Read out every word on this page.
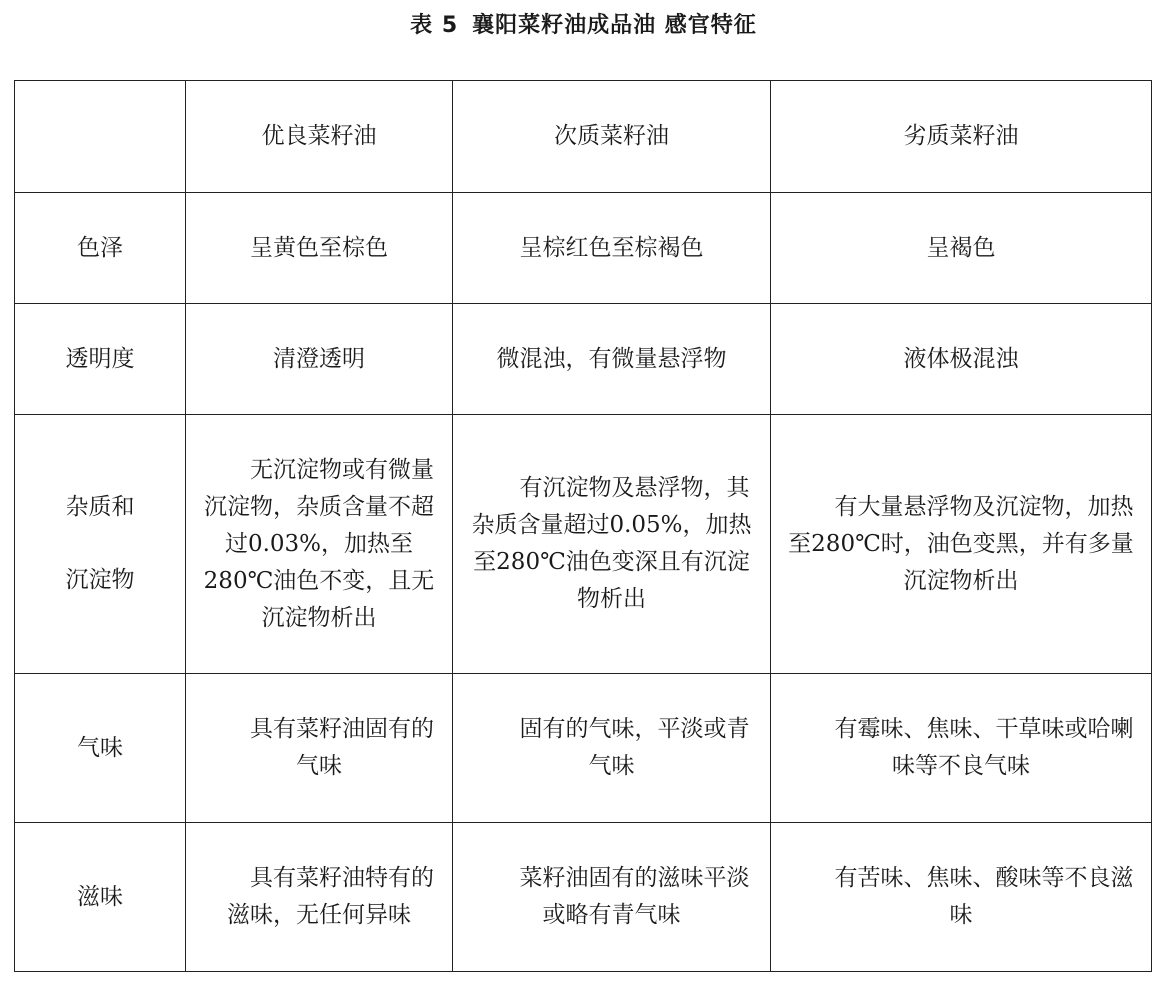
表 5 襄阳菜籽油成品油 感官特征
	优良菜籽油	次质菜籽油	劣质菜籽油

色泽	呈黄色至棕色	呈棕红色至棕褐色	呈褐色

透明度	清澄透明	微混浊，有微量悬浮物	液体极混浊

杂质和
沉淀物	无沉淀物或有微量沉淀物，杂质含量不超过0.03%，加热至280℃油色不变，且无沉淀物析出	有沉淀物及悬浮物，其杂质含量超过0.05%，加热至280℃油色变深且有沉淀物析出	有大量悬浮物及沉淀物，加热至280℃时，油色变黑，并有多量沉淀物析出

气味	具有菜籽油固有的气味	固有的气味，平淡或青气味	有霉味、焦味、干草味或哈喇味等不良气味

滋味	具有菜籽油特有的滋味，无任何异味	菜籽油固有的滋味平淡或略有青气味	有苦味、焦味、酸味等不良滋味
